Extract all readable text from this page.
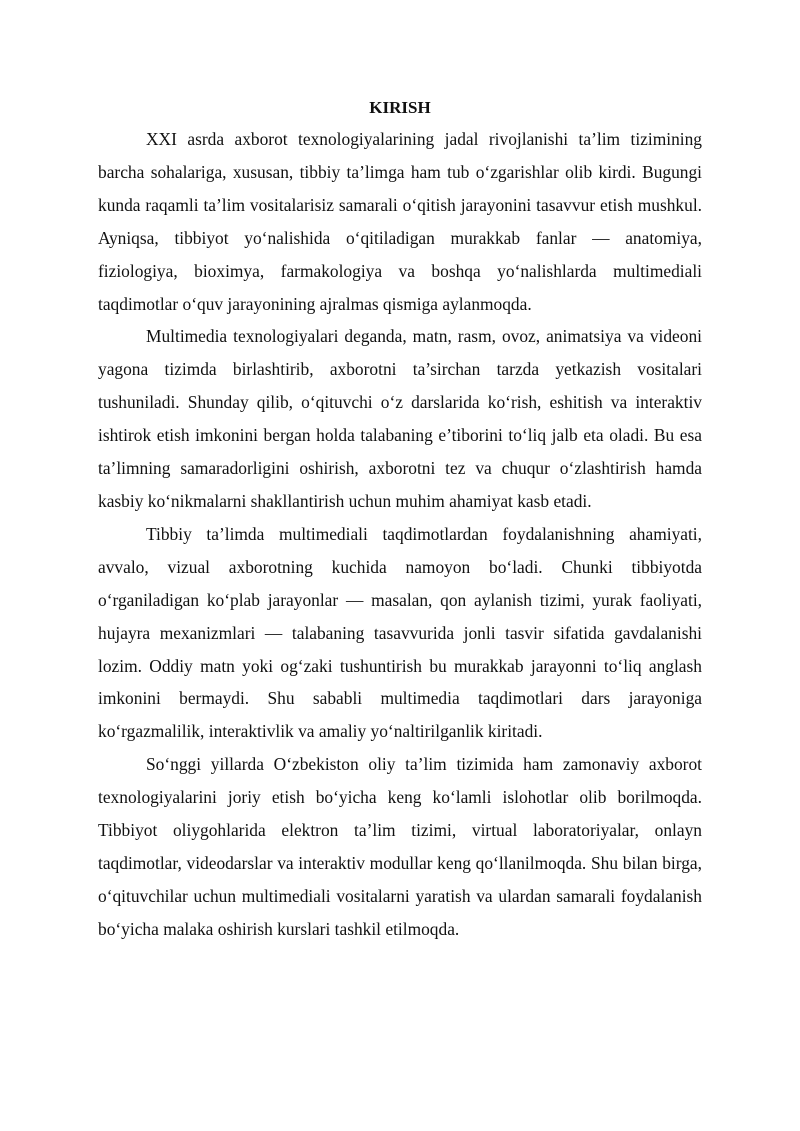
KIRISH

XXI asrda axborot texnologiyalarining jadal rivojlanishi ta’lim tizimining barcha sohalariga, xususan, tibbiy ta’limga ham tub o‘zgarishlar olib kirdi. Bugungi kunda raqamli ta’lim vositalarisiz samarali o‘qitish jarayonini tasavvur etish mushkul. Ayniqsa, tibbiyot yo‘nalishida o‘qitiladigan murakkab fanlar — anatomiya, fiziologiya, bioximya, farmakologiya va boshqa yo‘nalishlarda multimediali taqdimotlar o‘quv jarayonining ajralmas qismiga aylanmoqda.

Multimedia texnologiyalari deganda, matn, rasm, ovoz, animatsiya va videoni yagona tizimda birlashtirib, axborotni ta’sirchan tarzda yetkazish vositalari tushuniladi. Shunday qilib, o‘qituvchi o‘z darslarida ko‘rish, eshitish va interaktiv ishtirok etish imkonini bergan holda talabaning e’tiborini to‘liq jalb eta oladi. Bu esa ta’limning samaradorligini oshirish, axborotni tez va chuqur o‘zlashtirish hamda kasbiy ko‘nikmalarni shakllantirish uchun muhim ahamiyat kasb etadi.

Tibbiy ta’limda multimediali taqdimotlardan foydalanishning ahamiyati, avvalo, vizual axborotning kuchida namoyon bo‘ladi. Chunki tibbiyotda o‘rganiladigan ko‘plab jarayonlar — masalan, qon aylanish tizimi, yurak faoliyati, hujayra mexanizmlari — talabaning tasavvurida jonli tasvir sifatida gavdalanishi lozim. Oddiy matn yoki og‘zaki tushuntirish bu murakkab jarayonni to‘liq anglash imkonini bermaydi. Shu sababli multimedia taqdimotlari dars jarayoniga ko‘rgazmalilik, interaktivlik va amaliy yo‘naltirilganlik kiritadi.

So‘nggi yillarda O‘zbekiston oliy ta’lim tizimida ham zamonaviy axborot texnologiyalarini joriy etish bo‘yicha keng ko‘lamli islohotlar olib borilmoqda. Tibbiyot oliygohlarida elektron ta’lim tizimi, virtual laboratoriyalar, onlayn taqdimotlar, videodarslar va interaktiv modullar keng qo‘llanilmoqda. Shu bilan birga, o‘qituvchilar uchun multimediali vositalarni yaratish va ulardan samarali foydalanish bo‘yicha malaka oshirish kurslari tashkil etilmoqda.
